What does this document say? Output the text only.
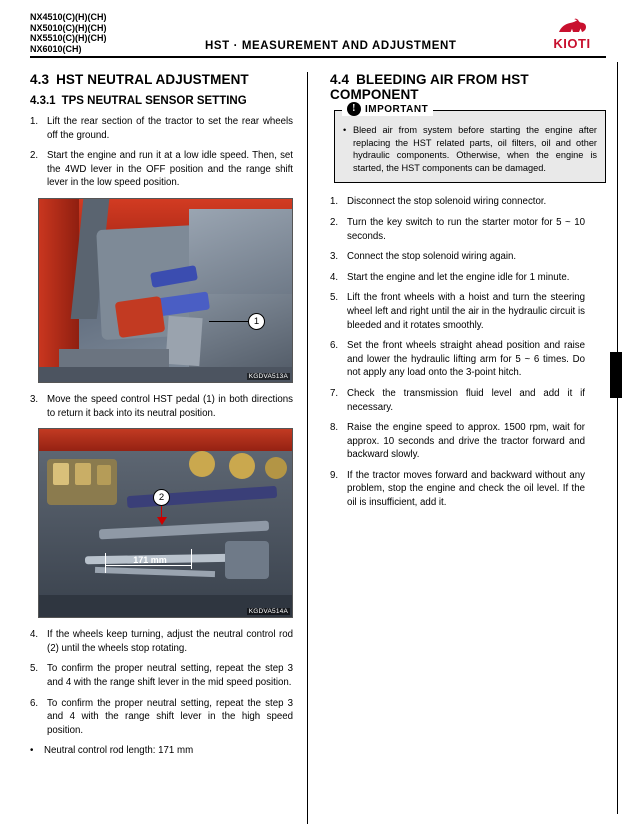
NX4510(C)(H)(CH)
NX5010(C)(H)(CH)
NX5510(C)(H)(CH)
NX6010(CH)	HST · MEASUREMENT AND ADJUSTMENT	KIOTI
4.3 HST NEUTRAL ADJUSTMENT
4.3.1 TPS NEUTRAL SENSOR SETTING
1. Lift the rear section of the tractor to set the rear wheels off the ground.
2. Start the engine and run it at a low idle speed. Then, set the 4WD lever in the OFF position and the range shift lever in the low speed position.
1
KGDVA513A
3. Move the speed control HST pedal (1) in both directions to return it back into its neutral position.
171 mm
2
KGDVA514A
4. If the wheels keep turning, adjust the neutral control rod (2) until the wheels stop rotating.
5. To confirm the proper neutral setting, repeat the step 3 and 4 with the range shift lever in the mid speed position.
6. To confirm the proper neutral setting, repeat the step 3 and 4 with the range shift lever in the high speed position.
•	Neutral control rod length: 171 mm
4.4 BLEEDING AIR FROM HST COMPONENT
! IMPORTANT
• Bleed air from system before starting the engine after replacing the HST related parts, oil filters, oil and other hydraulic components. Otherwise, when the engine is started, the HST components can be damaged.
1. Disconnect the stop solenoid wiring connector.
2. Turn the key switch to run the starter motor for 5 ~ 10 seconds.
3. Connect the stop solenoid wiring again.
4. Start the engine and let the engine idle for 1 minute.
5. Lift the front wheels with a hoist and turn the steering wheel left and right until the air in the hydraulic circuit is bleeded and it rotates smoothly.
6. Set the front wheels straight ahead position and raise and lower the hydraulic lifting arm for 5 ~ 6 times. Do not apply any load onto the 3-point hitch.
7. Check the transmission fluid level and add it if necessary.
8. Raise the engine speed to approx. 1500 rpm, wait for approx. 10 seconds and drive the tractor forward and backward slowly.
9. If the tractor moves forward and backward without any problem, stop the engine and check the oil level. If the oil is insufficient, add it.
